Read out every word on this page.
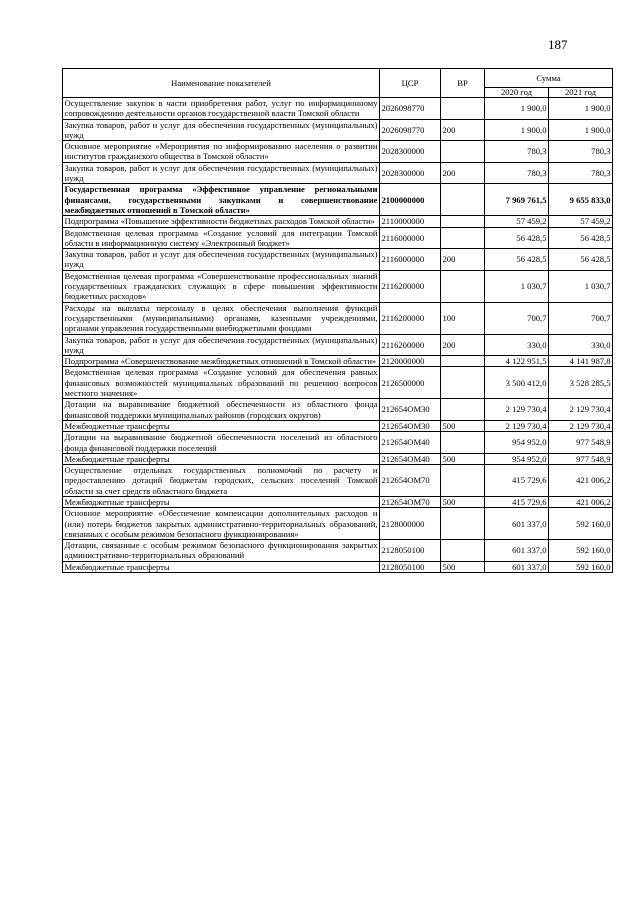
187
Наименование показателей	ЦСР	ВР	Сумма	
			2020 год	2021 год
Осуществление закупок в части приобретения работ, услуг по информационному сопровождению деятельности органов государственной власти Томской области	2026098770		1 900,0	1 900,0
Закупка товаров, работ и услуг для обеспечения государственных (муниципальных) нужд	2026098770	200	1 900,0	1 900,0
Основное мероприятие «Мероприятия по информированию населения о развитии институтов гражданского общества в Томской области»	2028300000		780,3	780,3
Закупка товаров, работ и услуг для обеспечения государственных (муниципальных) нужд	2028300000	200	780,3	780,3
Государственная программа «Эффективное управление региональными финансами, государственными закупками и совершенствование межбюджетных отношений в Томской области»	2100000000		7 969 761,5	9 655 833,0
Подпрограмма «Повышение эффективности бюджетных расходов Томской области»	2110000000		57 459,2	57 459,2
Ведомственная целевая программа «Создание условий для интеграции Томской области в информационную систему «Электронный бюджет»	2116000000		56 428,5	56 428,5
Закупка товаров, работ и услуг для обеспечения государственных (муниципальных) нужд	2116000000	200	56 428,5	56 428,5
Ведомственная целевая программа «Совершенствование профессиональных знаний государственных гражданских служащих в сфере повышения эффективности бюджетных расходов»	2116200000		1 030,7	1 030,7
Расходы на выплаты персоналу в целях обеспечения выполнения функций государственными (муниципальными) органами, казенными учреждениями, органами управления государственными внебюджетными фондами	2116200000	100	700,7	700,7
Закупка товаров, работ и услуг для обеспечения государственных (муниципальных) нужд	2116200000	200	330,0	330,0
Подпрограмма «Совершенствование межбюджетных отношений в Томской области»	2120000000		4 122 951,5	4 141 987,8
Ведомственная целевая программа «Создание условий для обеспечения равных финансовых возможностей муниципальных образований по решению вопросов местного значения»	2126500000		3 500 412,0	3 528 285,5
Дотации на выравнивание бюджетной обеспеченности из областного фонда финансовой поддержки муниципальных районов (городских округов)	212654ОМ30		2 129 730,4	2 129 730,4
Межбюджетные трансферты	212654ОМ30	500	2 129 730,4	2 129 730,4
Дотации на выравнивание бюджетной обеспеченности поселений из областного фонда финансовой поддержки поселений	212654ОМ40		954 952,0	977 548,9
Межбюджетные трансферты	212654ОМ40	500	954 952,0	977 548,9
Осуществление отдельных государственных полномочий по расчету и предоставлению дотаций бюджетам городских, сельских поселений Томской области за счет средств областного бюджета	212654ОМ70		415 729,6	421 006,2
Межбюджетные трансферты	212654ОМ70	500	415 729,6	421 006,2
Основное мероприятие «Обеспечение компенсации дополнительных расходов и (или) потерь бюджетов закрытых административно-территориальных образований, связанных с особым режимом безопасного функционирования»	2128000000		601 337,0	592 160,0
Дотации, связанные с особым режимом безопасного функционирования закрытых административно-территориальных образований	2128050100		601 337,0	592 160,0
Межбюджетные трансферты	2128050100	500	601 337,0	592 160,0
